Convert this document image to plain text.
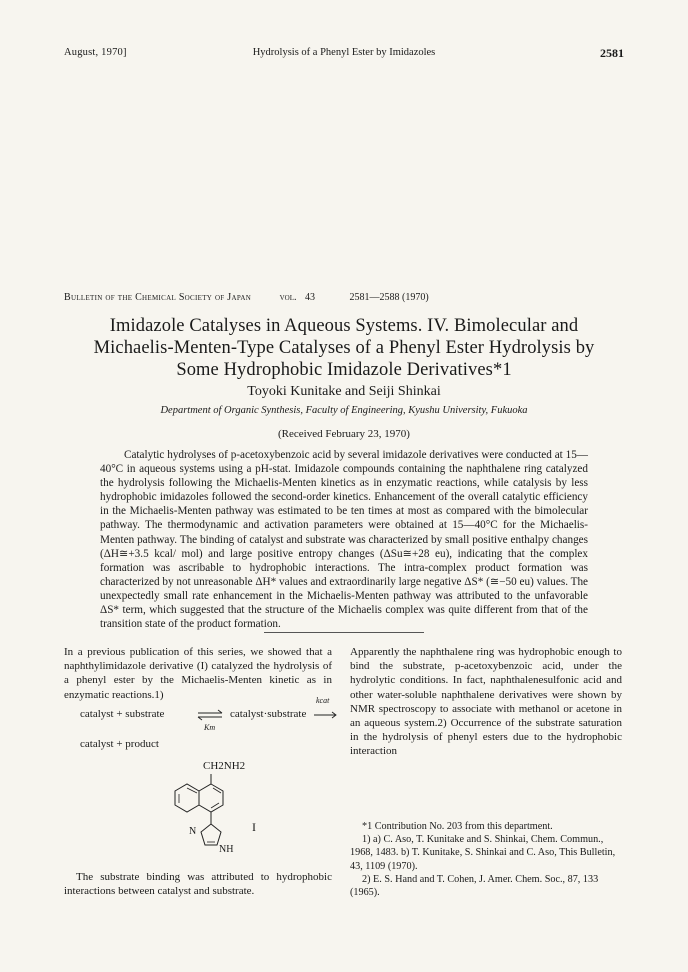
August, 1970]	Hydrolysis of a Phenyl Ester by Imidazoles	2581
Bulletin of the Chemical Society of Japan	vol. 43	2581—2588 (1970)
Imidazole Catalyses in Aqueous Systems. IV. Bimolecular and Michaelis-Menten-Type Catalyses of a Phenyl Ester Hydrolysis by Some Hydrophobic Imidazole Derivatives*1
Toyoki Kunitake and Seiji Shinkai
Department of Organic Synthesis, Faculty of Engineering, Kyushu University, Fukuoka
(Received February 23, 1970)

Catalytic hydrolyses of p-acetoxybenzoic acid by several imidazole derivatives were conducted at 15—40°C in aqueous systems using a pH-stat. Imidazole compounds containing the naphthalene ring catalyzed the hydrolysis following the Michaelis-Menten kinetics as in enzymatic reactions, while catalysis by less hydrophobic imidazoles followed the second-order kinetics. Enhancement of the overall catalytic efficiency in the Michaelis-Menten pathway was estimated to be ten times at most as compared with the bimolecular pathway. The thermodynamic and activation parameters were obtained at 15—40°C for the Michaelis-Menten pathway. The binding of catalyst and substrate was characterized by small positive enthalpy changes (ΔH≅+3.5 kcal/ mol) and large positive entropy changes (ΔSu≅+28 eu), indicating that the complex formation was ascribable to hydrophobic interactions. The intra-complex product formation was characterized by not unreasonable ΔH* values and extraordinarily large negative ΔS* (≅−50 eu) values. The unexpectedly small rate enhancement in the Michaelis-Menten pathway was attributed to the unfavorable ΔS* term, which suggested that the structure of the Michaelis complex was quite different from that of the transition state of the product formation.

In a previous publication of this series, we showed that a naphthylimidazole derivative (I) catalyzed the hydrolysis of a phenyl ester by the Michaelis-Menten kinetic as in enzymatic reactions.1)

catalyst + substrate
Km
catalyst·substrate
kcat
catalyst + product
CH2NH2
N
NH
I

The substrate binding was attributed to hydrophobic interactions between catalyst and substrate.

Apparently the naphthalene ring was hydrophobic enough to bind the substrate, p-acetoxybenzoic acid, under the hydrolytic conditions. In fact, naphthalenesulfonic acid and other water-soluble naphthalene derivatives were shown by NMR spectroscopy to associate with methanol or acetone in an aqueous system.2) Occurrence of the substrate saturation in the hydrolysis of phenyl esters due to the hydrophobic interaction

*1 Contribution No. 203 from this department.

1) a) C. Aso, T. Kunitake and S. Shinkai, Chem. Commun., 1968, 1483. b) T. Kunitake, S. Shinkai and C. Aso, This Bulletin, 43, 1109 (1970).

2) E. S. Hand and T. Cohen, J. Amer. Chem. Soc., 87, 133 (1965).
